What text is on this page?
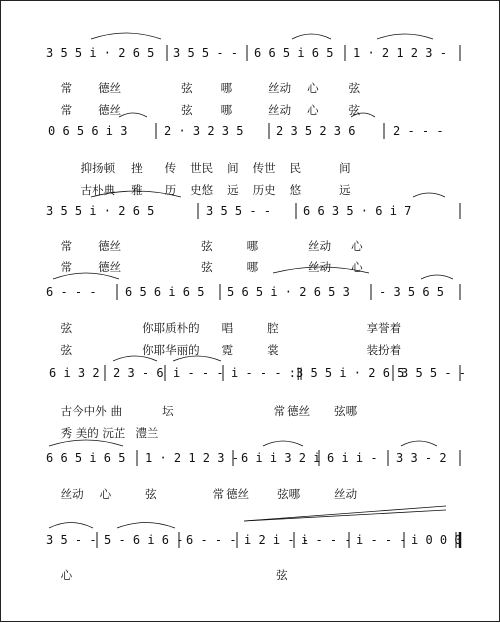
3 5 5 i · 2 6 5 3 5 5 - - 6 6 5 i 6 5 1 · 2 1 2 3 -
0 6 5 6 i 3	2 · 3 2 3 5	2 3 5 2 3 6	2 - - -
3 5 5 i · 2 6 5	3 5 5 - -	6 6 3 5 · 6 i 7
6 - - - 6 5 6 i 6 5 5 6 5 i · 2 6 5 3 - 3 5 6 5
6 i 3 2 2 3 - 6 i - - - i - - - :‖
3 5 5 i · 2 6 5
3 5 5 - -
6 6 5 i 6 5 1 · 2 1 2 3 - 6 i i 3 2 i 6 i i - 3 3 - 2
3 5 - - 5 - 6 i 6 - 6 - - - i 2 i - -
i - - - i - - - i 0 0 0

常 德丝	弦 哪	丝动 心	弦

常 德丝	弦 哪	丝动 心	弦

抑扬顿 挫 传 世民 间 传世 民	间

古朴典 雅 历 史悠 远 历史 悠	远

常 德丝	弦	哪	丝动 心

常 德丝	弦	哪	丝动 心

弦	你耶质朴的 唱	腔	享誉着

弦	你耶华丽的 霓	裳	装扮着

古今中外 曲	坛	常 德丝 弦哪

秀 美的 沅芷 澧兰

丝动 心	弦	常 德丝 弦哪	丝动

心	弦
